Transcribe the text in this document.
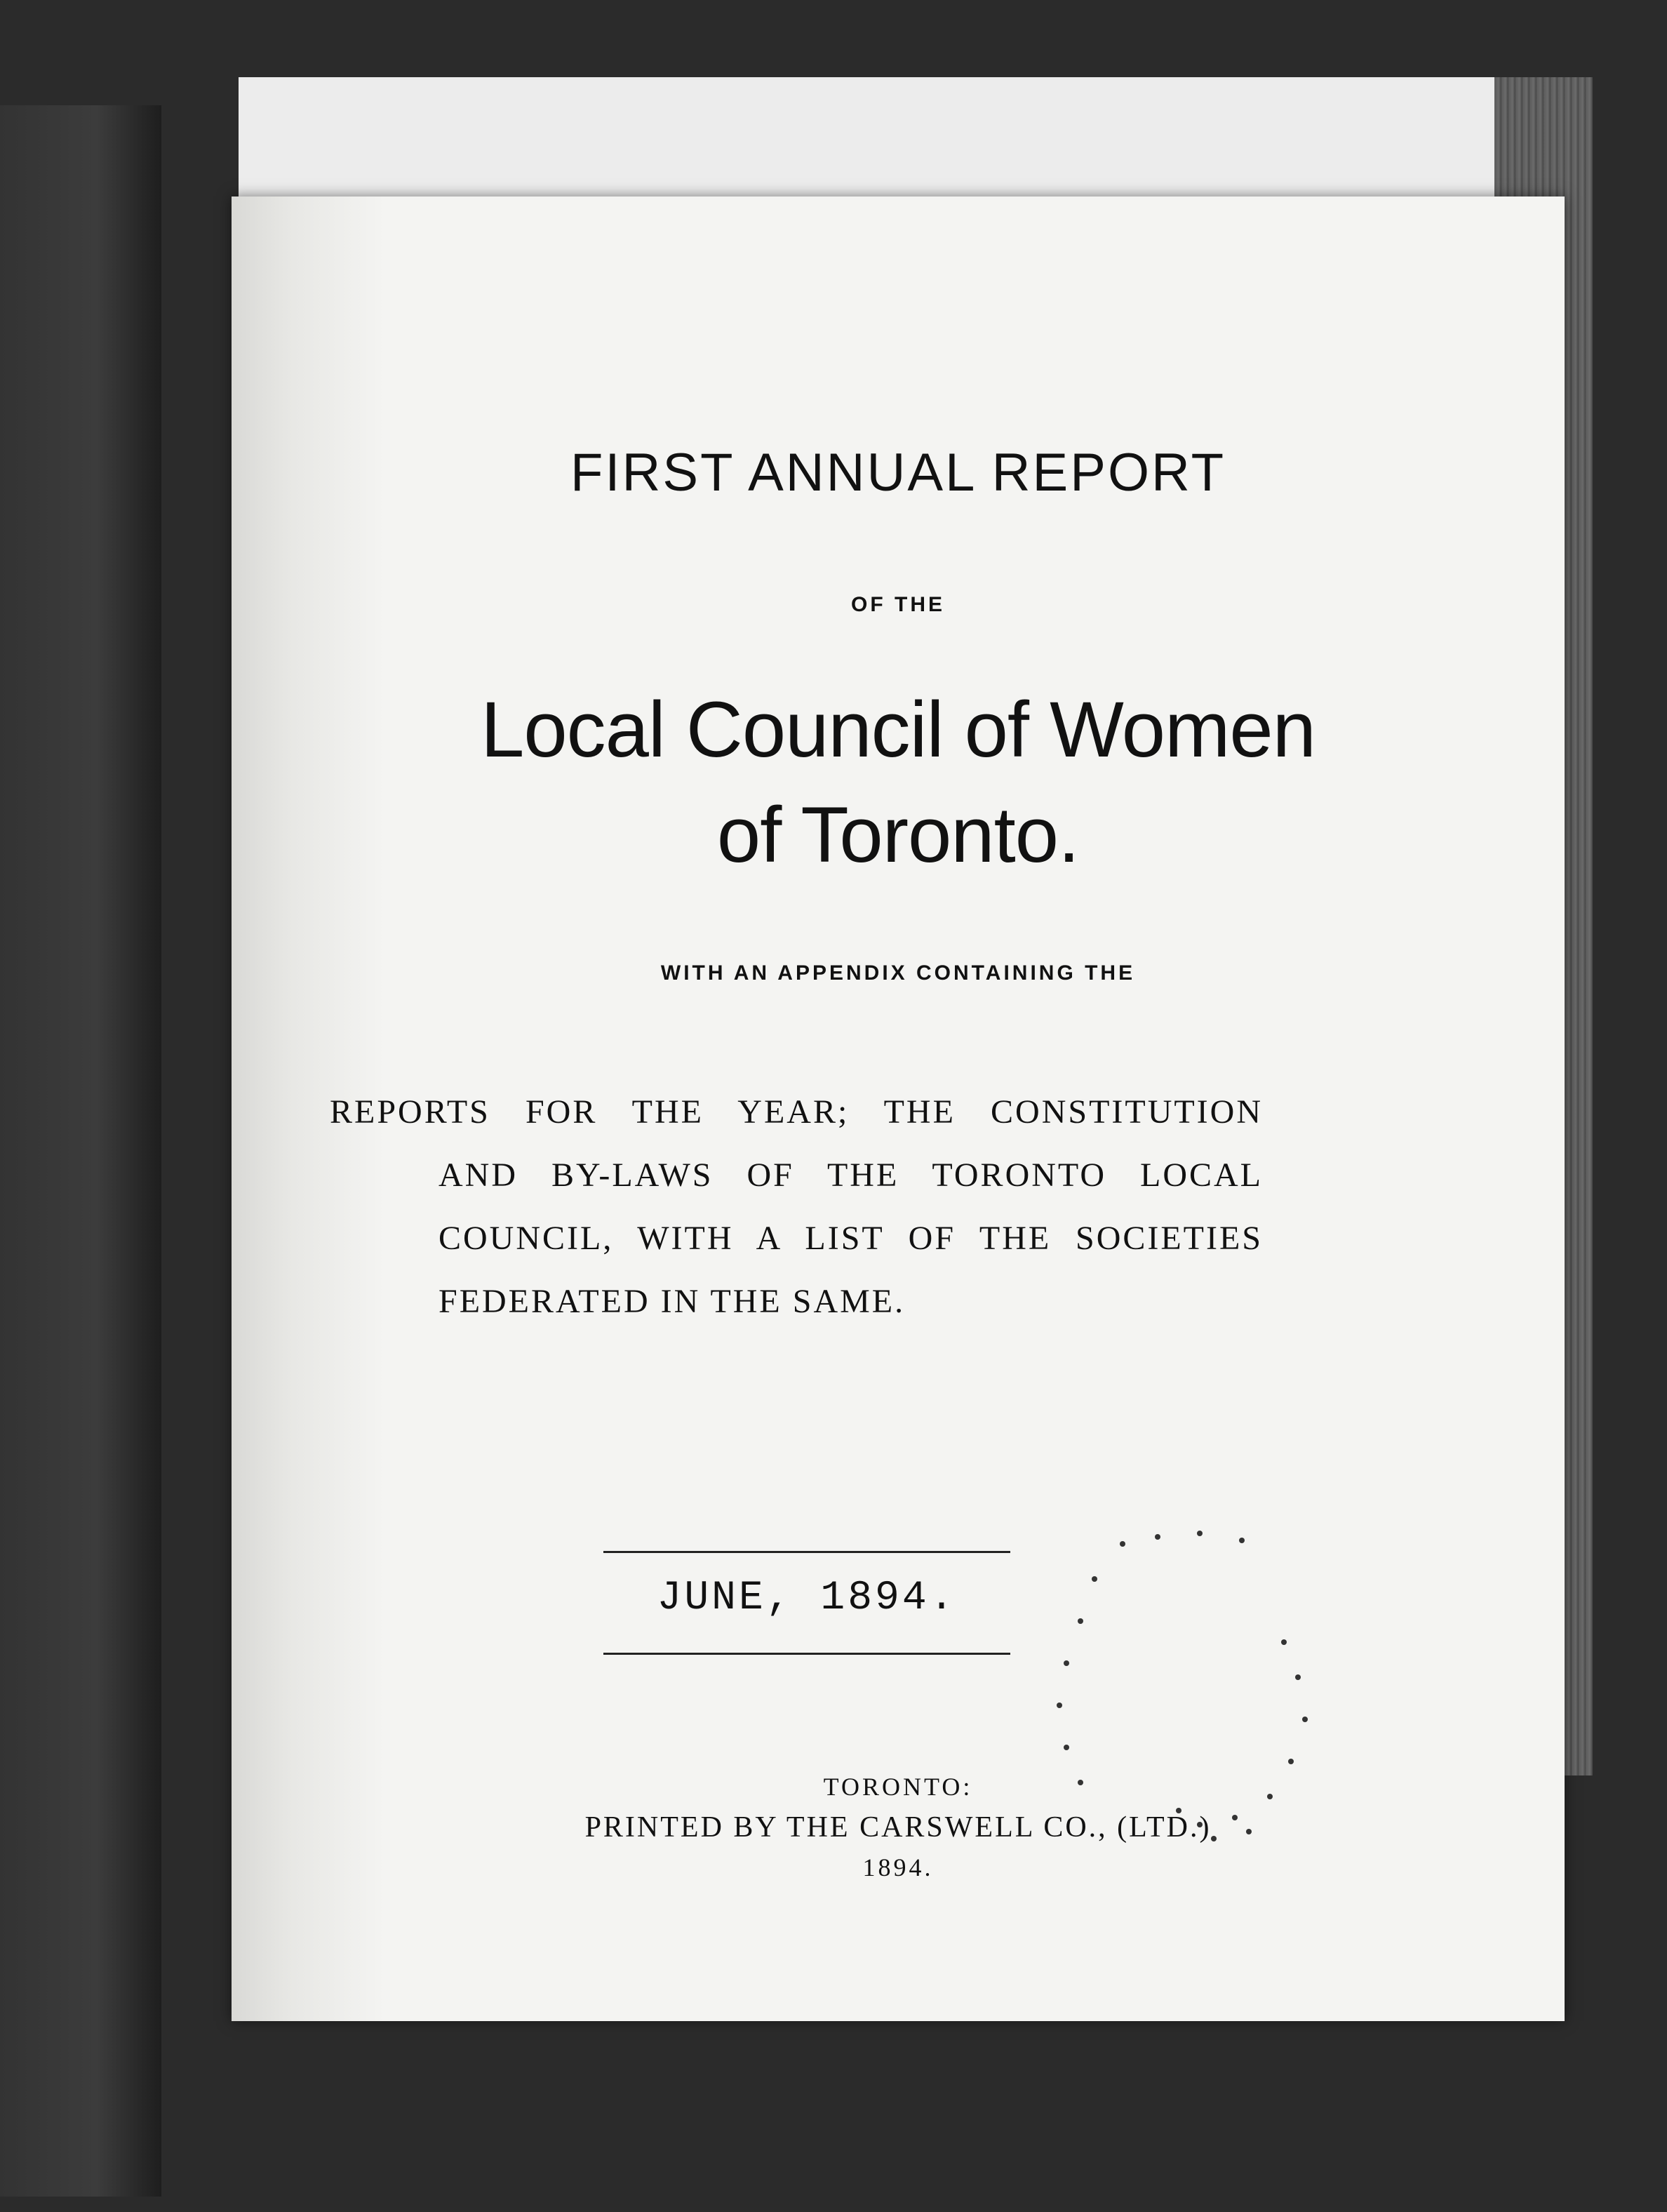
FIRST ANNUAL REPORT
OF THE
Local Council of Women
of Toronto.
WITH AN APPENDIX CONTAINING THE
REPORTS FOR THE YEAR; THE CONSTITUTION
AND BY-LAWS OF THE TORONTO LOCAL
COUNCIL, WITH A LIST OF THE SOCIETIES
FEDERATED IN THE SAME.
JUNE, 1894.
TORONTO:
PRINTED BY THE CARSWELL CO., (LTD.)
1894.
